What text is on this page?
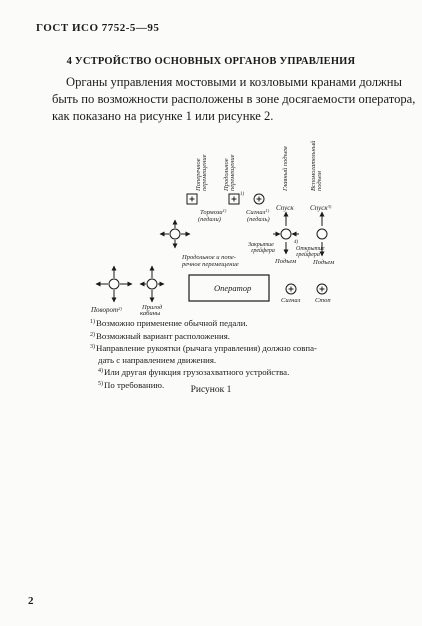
ГОСТ ИСО 7752-5—95
4 УСТРОЙСТВО ОСНОВНЫХ ОРГАНОВ УПРАВЛЕНИЯ
Органы управления мостовыми и козловыми кранами должны
быть по возможности расположены в зоне досягаемости оператора,
как показано на рисунке 1 или рисунке 2.
Поперечное перемещение Продольное перемещение	Главный подъем	Вспомогательный подъем
1)
Тормоза$^{1)}$
(педали)
Сигнал$^{1)}$
(педаль)
Спуск Спуск$^{3)}$
4)
Подъем
Закрытие грейфера	Открытие грейфера
Подъем
Продольное и попе- речное перемещение
Оператор
Поворот$^{2)}$	Пригод кабины
Сигнал Стоп
$^{1)}$Возможно применение обычной педали.
$^{2)}$Возможный вариант расположения.
$^{3)}$Направление рукоятки (рычага управления) должно совпа-
дать с направлением движения.
$^{4)}$Или другая функция грузозахватного устройства.
$^{5)}$По требованию.
Рисунок 1
2
